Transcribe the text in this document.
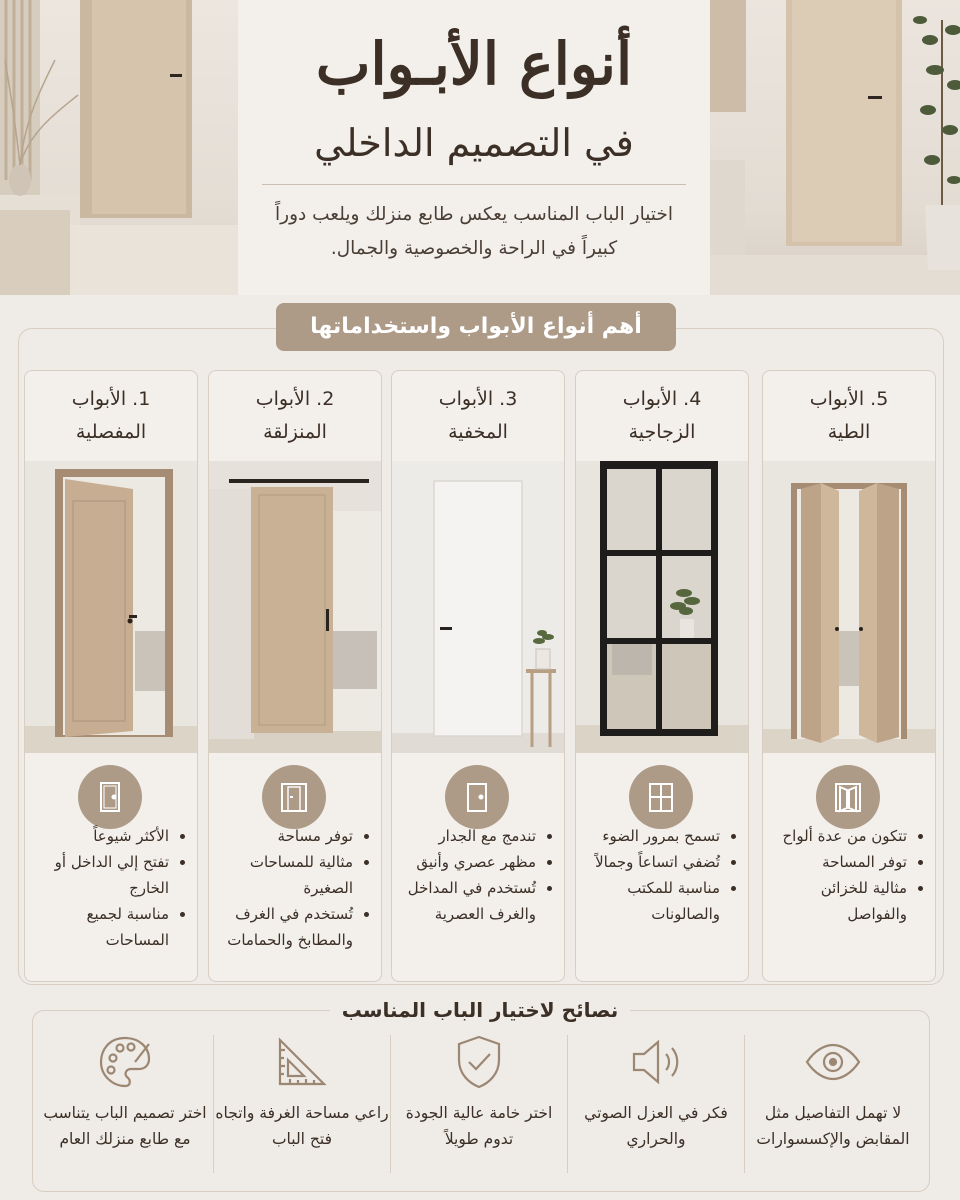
أنواع الأبـواب
في التصميم الداخلي
اختيار الباب المناسب يعكس طابع منزلك ويلعب دوراً كبيراً في الراحة والخصوصية والجمال.
أهم أنواع الأبواب واستخداماتها
1. الأبواب
المفصلية
• الأكثر شيوعاً
• تفتح إلي الداخل أو الخارج
• مناسبة لجميع المساحات
2. الأبواب
المنزلقة
• توفر مساحة
• مثالية للمساحات الصغيرة
• تُستخدم في الغرف والمطابخ والحمامات
3. الأبواب
المخفية
• تندمج مع الجدار
• مظهر عصري وأنيق
• تُستخدم في المداخل والغرف العصرية
4. الأبواب
الزجاجية
• تسمح بمرور الضوء
• تُضفي اتساعاً وجمالاً
• مناسبة للمكتب والصالونات
5. الأبواب
الطية
• تتكون من عدة ألواح
• توفر المساحة
• مثالية للخزائن والفواصل
نصائح لاختيار الباب المناسب
اختر تصميم الباب يتناسب مع طابع منزلك العام
راعي مساحة الغرفة واتجاه فتح الباب
اختر خامة عالية الجودة تدوم طويلاً
فكر في العزل الصوتي والحراري
لا تهمل التفاصيل مثل المقابض والإكسسوارات
